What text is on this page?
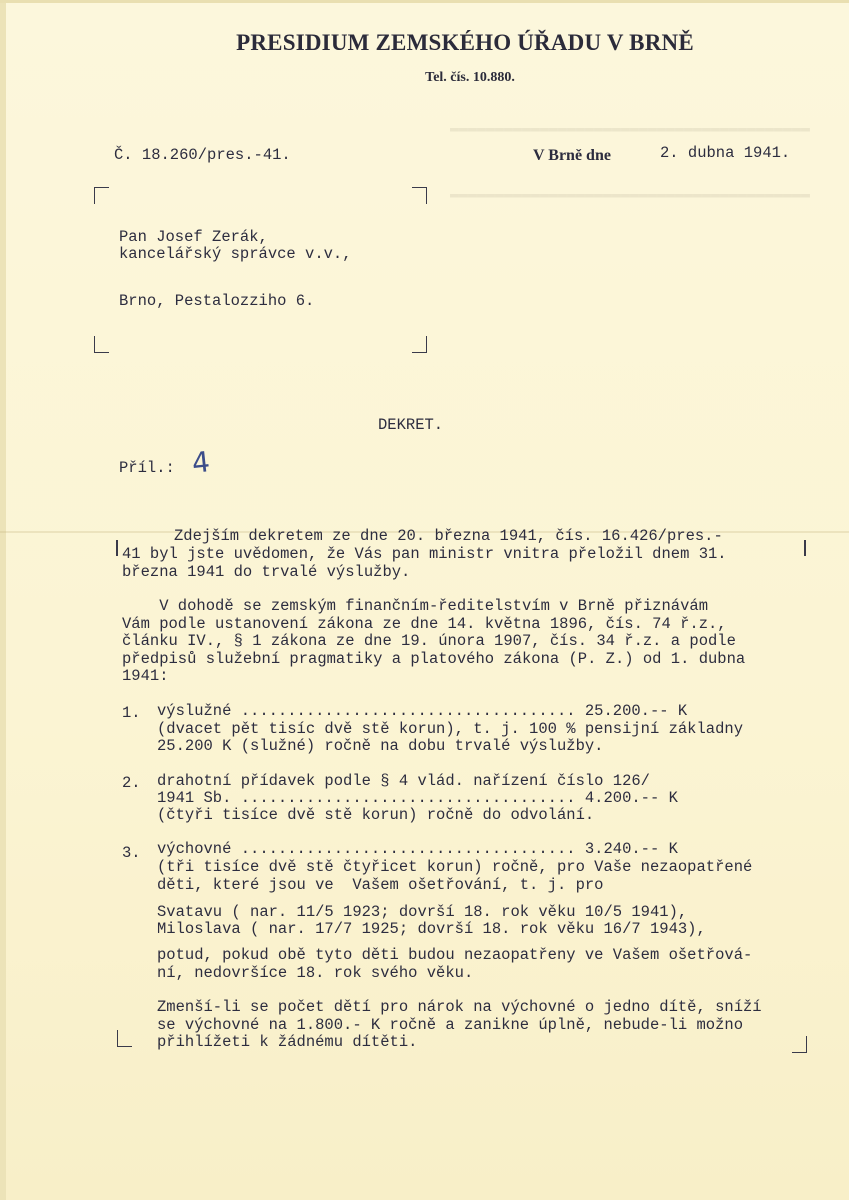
▬▬▬▬▬▬▬▬▬▬▬▬▬▬▬▬▬▬▬▬▬▬▬▬▬▬▬▬▬▬▬▬▬▬▬▬▬▬▬▬

▬▬▬▬▬▬▬▬▬▬▬▬▬▬▬▬▬▬▬▬▬▬▬▬▬▬▬▬▬▬▬▬▬▬▬▬▬▬▬▬
PRESIDIUM ZEMSKÉHO ÚŘADU V BRNĚ
Tel. čís. 10.880.
Č. 18.260/pres.-41.	V Brně dne	2. dubna 1941.
Pan Josef Zerák,
kancelářský správce v.v.,
Brno, Pestalozziho 6.
DEKRET.
Příl.: 4
Zdejším dekretem ze dne 20. března 1941, čís. 16.426/pres.-
41 byl jste uvědomen, že Vás pan ministr vnitra přeložil dnem 31.
března 1941 do trvalé výslužby.
V dohodě se zemským finančním-ředitelstvím v Brně přiznávám
Vám podle ustanovení zákona ze dne 14. května 1896, čís. 74 ř.z.,
článku IV., § 1 zákona ze dne 19. února 1907, čís. 34 ř.z. a podle
předpisů služební pragmatiky a platového zákona (P. Z.) od 1. dubna
1941:
1. výslužné .................................... 25.200.-- K
(dvacet pět tisíc dvě stě korun), t. j. 100 % pensijní základny
25.200 K (služné) ročně na dobu trvalé výslužby.
2. drahotní přídavek podle § 4 vlád. nařízení číslo 126/
1941 Sb. .................................... 4.200.-- K
(čtyři tisíce dvě stě korun) ročně do odvolání.
3. výchovné .................................... 3.240.-- K
(tři tisíce dvě stě čtyřicet korun) ročně, pro Vaše nezaopatřené
děti, které jsou ve  Vašem ošetřování, t. j. pro
Svatavu ( nar. 11/5 1923; dovrší 18. rok věku 10/5 1941),
Miloslava ( nar. 17/7 1925; dovrší 18. rok věku 16/7 1943),
potud, pokud obě tyto děti budou nezaopatřeny ve Vašem ošetřová-
ní, nedovršíce 18. rok svého věku.
Zmenší-li se počet dětí pro nárok na výchovné o jedno dítě, sníží
se výchovné na 1.800.- K ročně a zanikne úplně, nebude-li možno
přihlížeti k žádnému dítěti.
